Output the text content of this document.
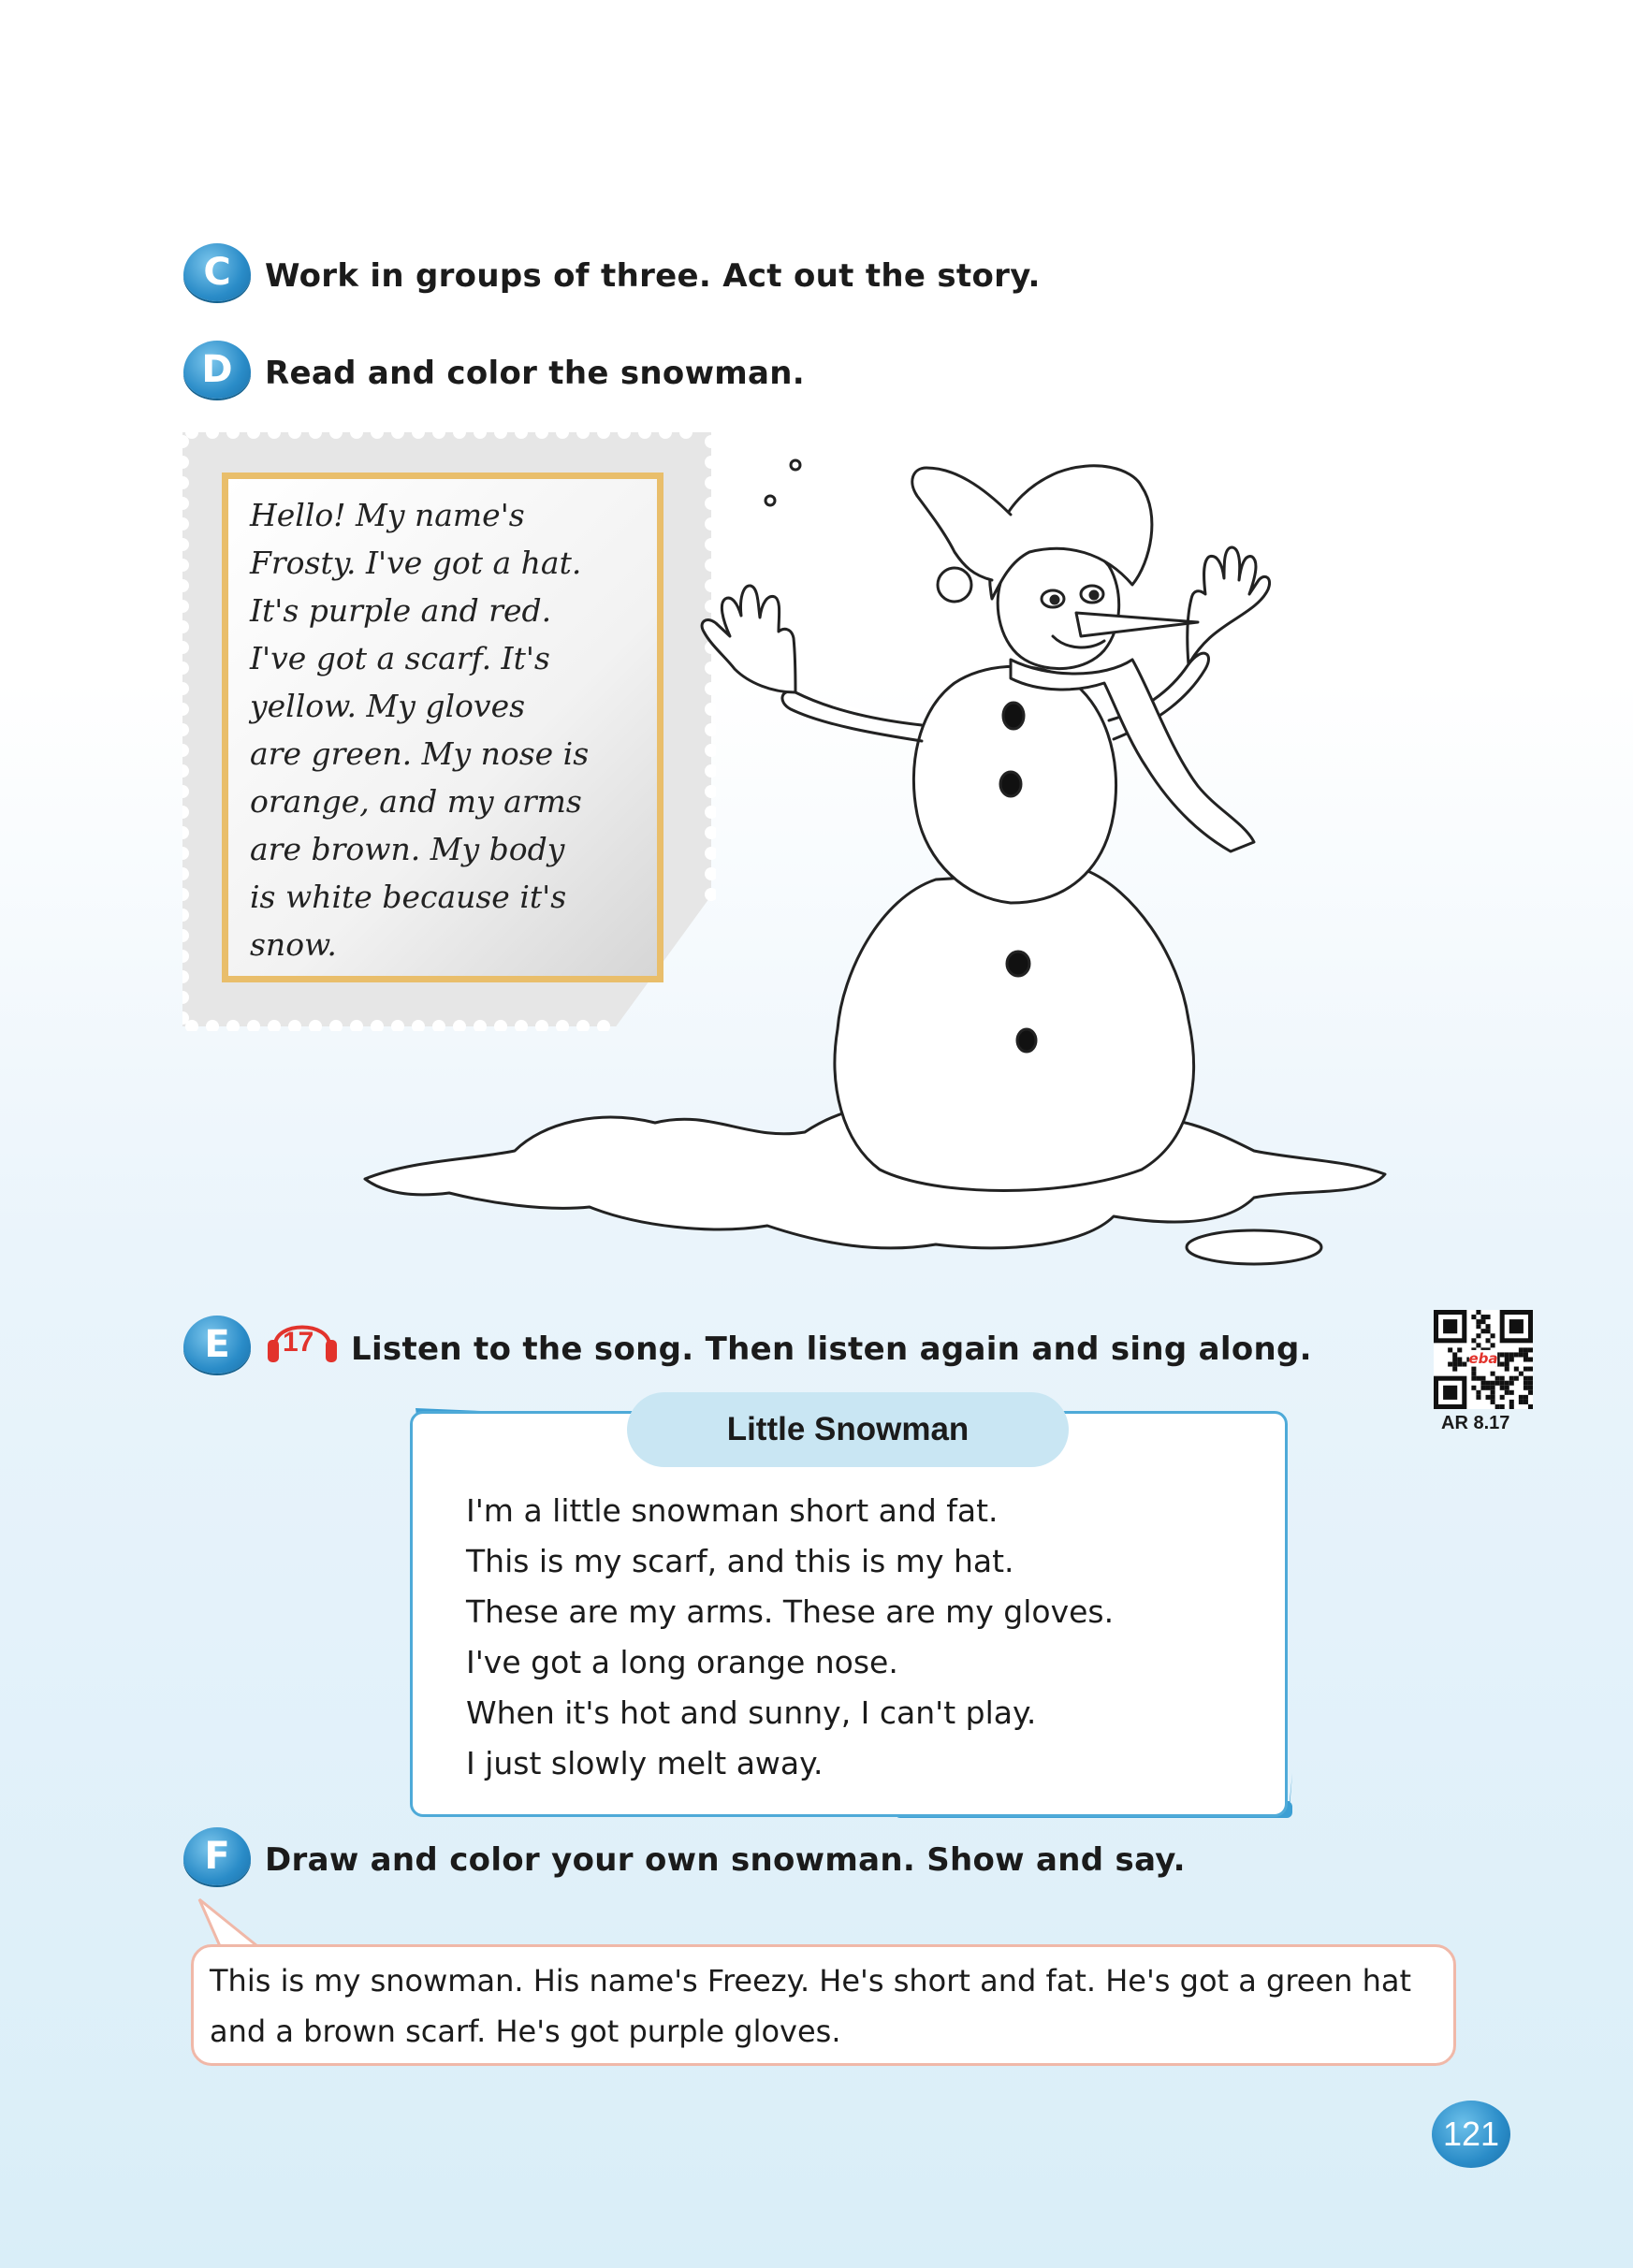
C Work in groups of three. Act out the story.
D Read and color the snowman.
Hello! My name's
Frosty. I've got a hat.
It's purple and red.
I've got a scarf. It's
yellow. My gloves
are green. My nose is
orange, and my arms
are brown. My body
is white because it's
snow.
E 17 Listen to the song. Then listen again and sing along.	eba
AR 8.17
Little Snowman
I'm a little snowman short and fat.
This is my scarf, and this is my hat.
These are my arms. These are my gloves.
I've got a long orange nose.
When it's hot and sunny, I can't play.
I just slowly melt away.
F Draw and color your own snowman. Show and say.
This is my snowman. His name's Freezy. He's short and fat. He's got a green hat
and a brown scarf. He's got purple gloves.
121
